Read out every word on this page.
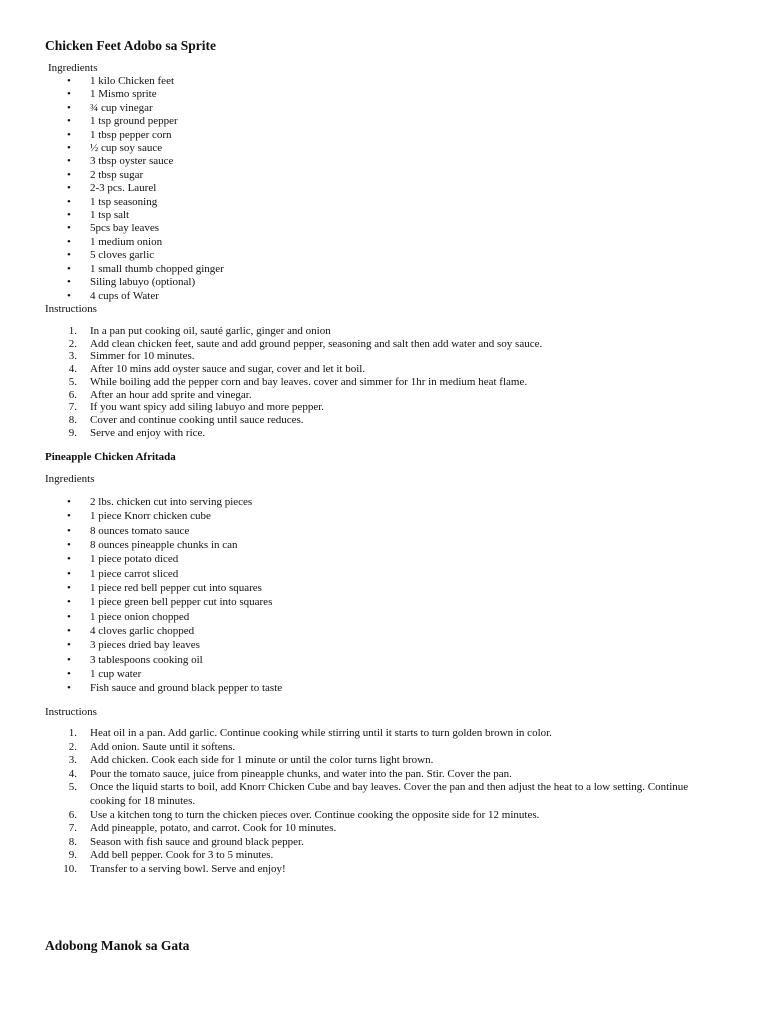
Chicken Feet Adobo sa Sprite
Ingredients
• 1 kilo Chicken feet
• 1 Mismo sprite
• ¾ cup vinegar
• 1 tsp ground pepper
• 1 tbsp pepper corn
• ½ cup soy sauce
• 3 tbsp oyster sauce
• 2 tbsp sugar
• 2-3 pcs. Laurel
• 1 tsp seasoning
• 1 tsp salt
• 5pcs bay leaves
• 1 medium onion
• 5 cloves garlic
• 1 small thumb chopped ginger
• Siling labuyo (optional)
• 4 cups of Water
Instructions
1. In a pan put cooking oil, sauté garlic, ginger and onion
2. Add clean chicken feet, saute and add ground pepper, seasoning and salt then add water and soy sauce.
3. Simmer for 10 minutes.
4. After 10 mins add oyster sauce and sugar, cover and let it boil.
5. While boiling add the pepper corn and bay leaves. cover and simmer for 1hr in medium heat flame.
6. After an hour add sprite and vinegar.
7. If you want spicy add siling labuyo and more pepper.
8. Cover and continue cooking until sauce reduces.
9. Serve and enjoy with rice.
Pineapple Chicken Afritada
Ingredients
• 2 lbs. chicken cut into serving pieces
• 1 piece Knorr chicken cube
• 8 ounces tomato sauce
• 8 ounces pineapple chunks in can
• 1 piece potato diced
• 1 piece carrot sliced
• 1 piece red bell pepper cut into squares
• 1 piece green bell pepper cut into squares
• 1 piece onion chopped
• 4 cloves garlic chopped
• 3 pieces dried bay leaves
• 3 tablespoons cooking oil
• 1 cup water
• Fish sauce and ground black pepper to taste
Instructions
1. Heat oil in a pan. Add garlic. Continue cooking while stirring until it starts to turn golden brown in color.
2. Add onion. Saute until it softens.
3. Add chicken. Cook each side for 1 minute or until the color turns light brown.
4. Pour the tomato sauce, juice from pineapple chunks, and water into the pan. Stir. Cover the pan.
5. Once the liquid starts to boil, add Knorr Chicken Cube and bay leaves. Cover the pan and then adjust the heat to a low setting. Continue cooking for 18 minutes.
6. Use a kitchen tong to turn the chicken pieces over. Continue cooking the opposite side for 12 minutes.
7. Add pineapple, potato, and carrot. Cook for 10 minutes.
8. Season with fish sauce and ground black pepper.
9. Add bell pepper. Cook for 3 to 5 minutes.
10. Transfer to a serving bowl. Serve and enjoy!
Adobong Manok sa Gata
